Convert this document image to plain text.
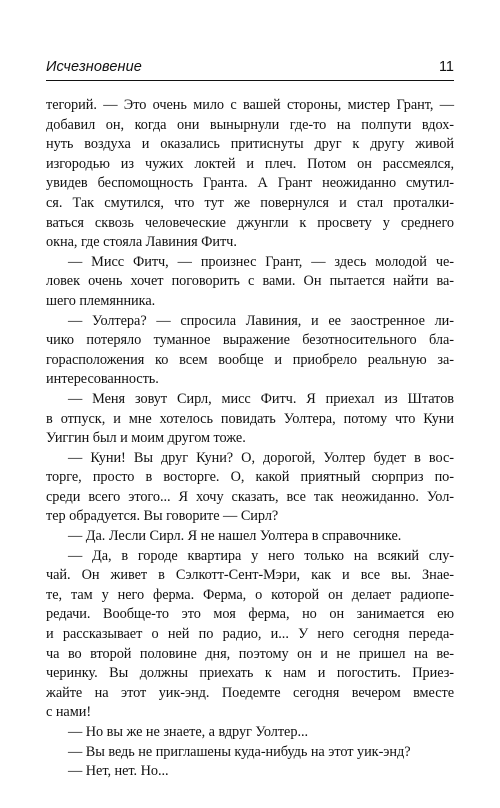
Исчезновение	11
тегорий. — Это очень мило с вашей стороны, мистер Грант, —
добавил он, когда они вынырнули где-то на полпути вдох-
нуть воздуха и оказались притиснуты друг к другу живой
изгородью из чужих локтей и плеч. Потом он рассмеялся,
увидев беспомощность Гранта. А Грант неожиданно смутил-
ся. Так смутился, что тут же повернулся и стал проталки-
ваться сквозь человеческие джунгли к просвету у среднего
окна, где стояла Лавиния Фитч.
— Мисс Фитч, — произнес Грант, — здесь молодой че-
ловек очень хочет поговорить с вами. Он пытается найти ва-
шего племянника.
— Уолтера? — спросила Лавиния, и ее заостренное ли-
чико потеряло туманное выражение безотносительного бла-
горасположения ко всем вообще и приобрело реальную за-
интересованность.
— Меня зовут Сирл, мисс Фитч. Я приехал из Штатов
в отпуск, и мне хотелось повидать Уолтера, потому что Куни
Уиггин был и моим другом тоже.
— Куни! Вы друг Куни? О, дорогой, Уолтер будет в вос-
торге, просто в восторге. О, какой приятный сюрприз по-
среди всего этого... Я хочу сказать, все так неожиданно. Уол-
тер обрадуется. Вы говорите — Сирл?
— Да. Лесли Сирл. Я не нашел Уолтера в справочнике.
— Да, в городе квартира у него только на всякий слу-
чай. Он живет в Сэлкотт-Сент-Мэри, как и все вы. Знае-
те, там у него ферма. Ферма, о которой он делает радиопе-
редачи. Вообще-то это моя ферма, но он занимается ею
и рассказывает о ней по радио, и... У него сегодня переда-
ча во второй половине дня, поэтому он и не пришел на ве-
черинку. Вы должны приехать к нам и погостить. Приез-
жайте на этот уик-энд. Поедемте сегодня вечером вместе
с нами!
— Но вы же не знаете, а вдруг Уолтер...
— Вы ведь не приглашены куда-нибудь на этот уик-энд?
— Нет, нет. Но...
